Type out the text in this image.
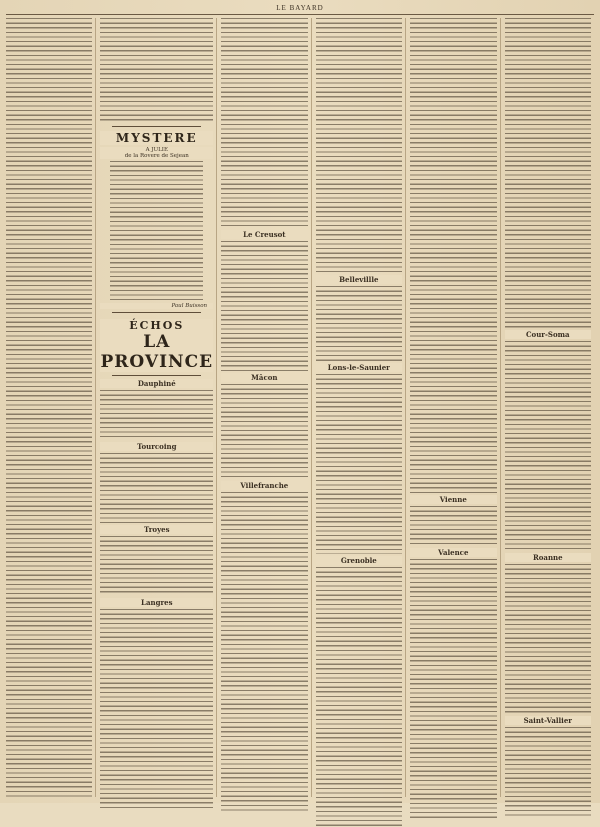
LE BAYARD
MYSTERE
A JULIE
de la Rovere de Sejean
Paul Buisson
ÉCHOS
LA PROVINCE
Dauphiné
Tourcoing
Troyes
Langres
Le Creusot
Mâcon
Villefranche
Bellevillle
Lons-le-Saunier
Grenoble
Vienne
Valence
Cour-Soma
Roanne
Saint-Vallier
